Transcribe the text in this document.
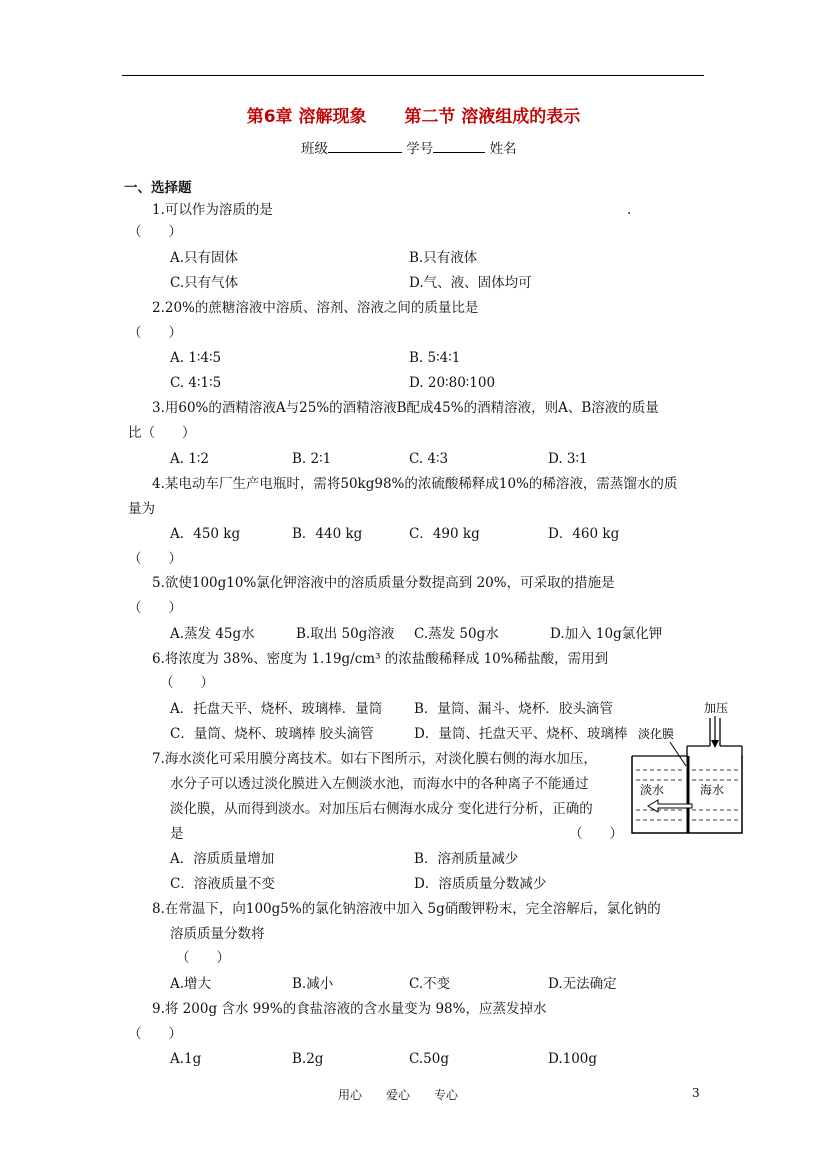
第6章 溶解现象 第二节 溶液组成的表示
班级	学号	姓名
一、选择题
1.可以作为溶质的是	.
（　　）
A.只有固体	B.只有液体
C.只有气体	D.气、液、固体均可
2.20%的蔗糖溶液中溶质、溶剂、溶液之间的质量比是
（　　）
A. 1∶4∶5	B. 5∶4∶1
C. 4∶1∶5	D. 20∶80∶100
3.用60%的酒精溶液A与25%的酒精溶液B配成45%的酒精溶液，则A、B溶液的质量
比（　　）
A. 1∶2	B. 2∶1	C. 4∶3	D. 3∶1
4.某电动车厂生产电瓶时，需将50kg98%的浓硫酸稀释成10%的稀溶液，需蒸馏水的质
量为
A．450 kg	B．440 kg	C．490 kg	D．460 kg
（　　）
5.欲使100g10%氯化钾溶液中的溶质质量分数提高到 20%，可采取的措施是
（　　）
A.蒸发 45g水	B.取出 50g溶液 C.蒸发 50g水	D.加入 10g氯化钾
6.将浓度为 38%、密度为 1.19g/cm³ 的浓盐酸稀释成 10%稀盐酸，需用到
（　　）
A．托盘天平、烧杯、玻璃棒．量筒 B．量筒、漏斗、烧杯．胶头滴管
C．量筒、烧杯、玻璃棒 胶头滴管	D．量筒、托盘天平、烧杯、玻璃棒
7.海水淡化可采用膜分离技术。如右下图所示，对淡化膜右侧的海水加压，
水分子可以透过淡化膜进入左侧淡水池，而海水中的各种离子不能通过
淡化膜，从而得到淡水。对加压后右侧海水成分 变化进行分析，正确的
是	（　　）
A．溶质质量增加	B．溶剂质量减少
C．溶液质量不变	D．溶质质量分数减少
加压
淡化膜
淡水	海水
8.在常温下，向100g5%的氯化钠溶液中加入 5g硝酸钾粉末，完全溶解后，氯化钠的
溶质质量分数将
（　　）
A.增大	B.减小	C.不变	D.无法确定
9.将 200g 含水 99%的食盐溶液的含水量变为 98%，应蒸发掉水
（　　）
A.1g	B.2g	C.50g	D.100g
用心　　爱心　　专心	3
